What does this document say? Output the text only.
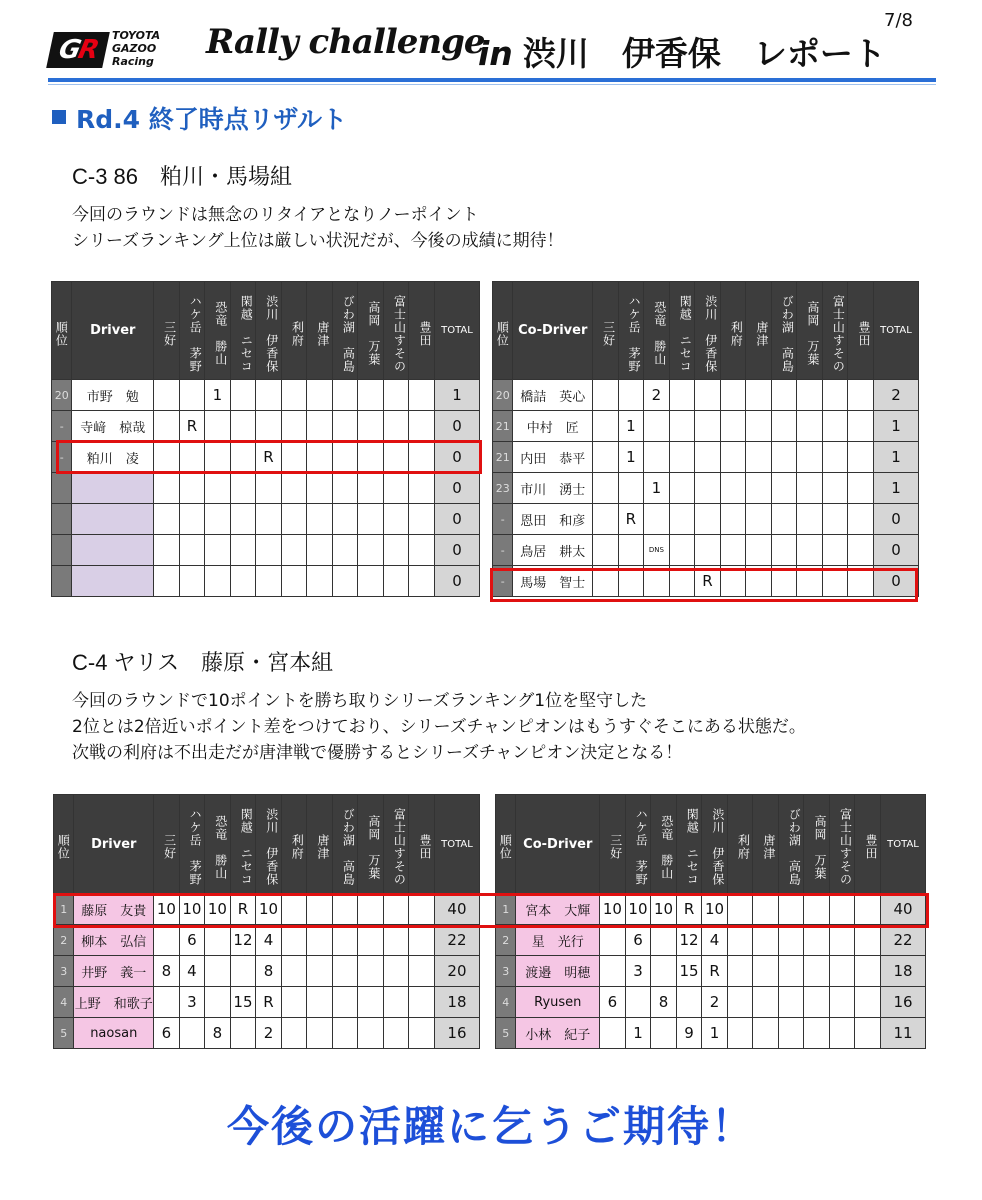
GR	TOYOTA
GAZOO
Racing Rally challenge
in 渋川　伊香保　レポート
7/8
Rd.4 終了時点リザルト
C-3 86　粕川・馬場組
今回のラウンドは無念のリタイアとなりノーポイント
シリーズランキング上位は厳しい状況だが、今後の成績に期待！
順位	Driver	三好	ハケ岳　茅野	恐竜　勝山	閑越　ニセコ	渋川　伊香保	利府	唐津	びわ湖　高島	高岡　万葉	富士山すその	豊田	TOTAL
20	市野　勉			1									1
-	寺﨑　椋哉		R										0
-	粕川　凌					R							0
													0
													0
													0
													0
順位	Co-Driver	三好	ハケ岳　茅野	恐竜　勝山	閑越　ニセコ	渋川　伊香保	利府	唐津	びわ湖　高島	高岡　万葉	富士山すその	豊田	TOTAL
20	橋詰　英心			2									2
21	中村　匠		1										1
21	内田　恭平		1										1
23	市川　湧士			1									1
-	恩田　和彦		R										0
-	鳥居　耕太			DNS									0
-	馬場　智士					R							0
C-4 ヤリス　藤原・宮本組
今回のラウンドで10ポイントを勝ち取りシリーズランキング1位を堅守した
2位とは2倍近いポイント差をつけており、シリーズチャンピオンはもうすぐそこにある状態だ。
次戦の利府は不出走だが唐津戦で優勝するとシリーズチャンピオン決定となる！
順位	Driver	三好	ハケ岳　茅野	恐竜　勝山	閑越　ニセコ	渋川　伊香保	利府	唐津	びわ湖　高島	高岡　万葉	富士山すその	豊田	TOTAL
1	藤原　友貴	10	10	10	R	10							40
2	柳本　弘信		6		12	4							22
3	井野　義一	8	4			8							20
4	上野　和歌子		3		15	R							18
5	naosan	6		8		2							16
順位	Co-Driver	三好	ハケ岳　茅野	恐竜　勝山	閑越　ニセコ	渋川　伊香保	利府	唐津	びわ湖　高島	高岡　万葉	富士山すその	豊田	TOTAL
1	宮本　大輝	10	10	10	R	10							40
2	星　光行		6		12	4							22
3	渡邉　明穂		3		15	R							18
4	Ryusen	6		8		2							16
5	小林　紀子		1		9	1							11
今後の活躍に乞うご期待！
